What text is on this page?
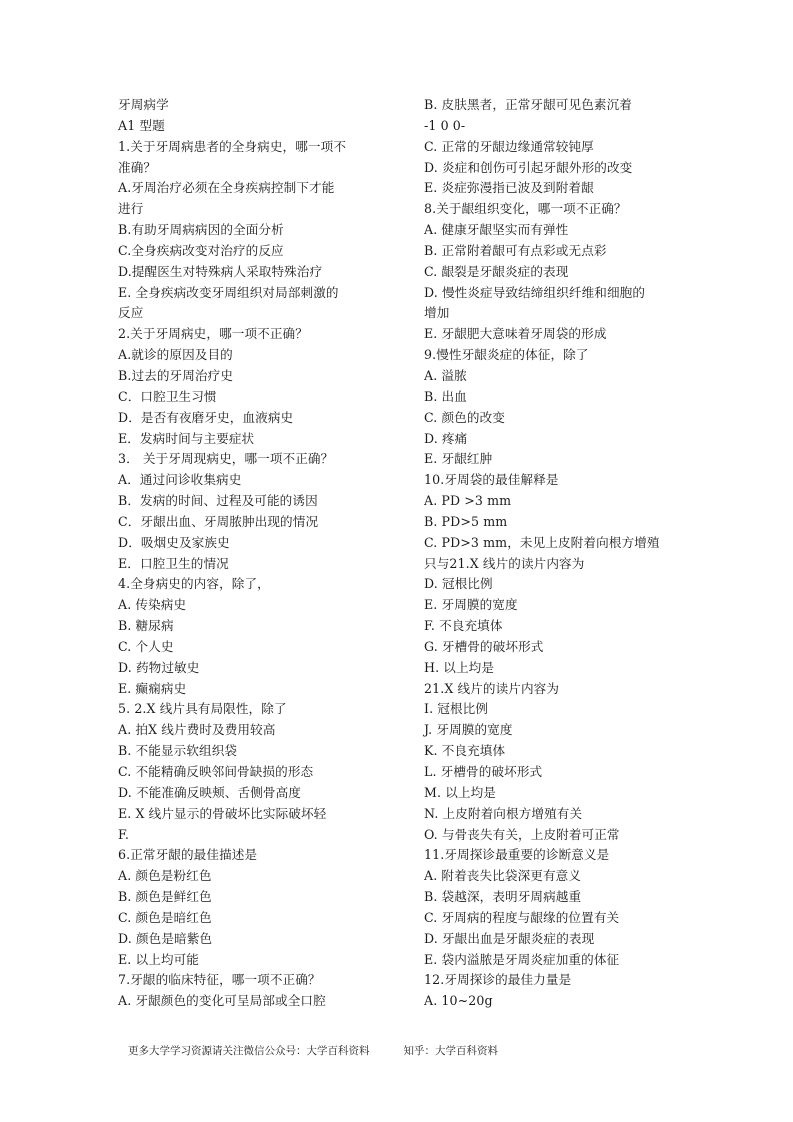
牙周病学
A1 型题
1.关于牙周病患者的全身病史，哪一项不
准确？
A.牙周治疗必须在全身疾病控制下才能
进行
B.有助牙周病病因的全面分析
C.全身疾病改变对治疗的反应
D.提醒医生对特殊病人采取特殊治疗
E. 全身疾病改变牙周组织对局部刺激的
反应
2.关于牙周病史，哪一项不正确？
A.就诊的原因及目的
B.过去的牙周治疗史
C．口腔卫生习惯
D．是否有夜磨牙史，血液病史
E．发病时间与主要症状
3． 关于牙周现病史，哪一项不正确？
A．通过问诊收集病史
B．发病的时间、过程及可能的诱因
C．牙龈出血、牙周脓肿出现的情况
D．吸烟史及家族史
E．口腔卫生的情况
4.全身病史的内容，除了，
A. 传染病史
B. 糖尿病
C. 个人史
D. 药物过敏史
E. 癫痫病史
5. 2.X 线片具有局限性，除了
A. 拍X 线片费时及费用较高
B. 不能显示软组织袋
C. 不能精确反映邻间骨缺损的形态
D. 不能准确反映颊、舌侧骨高度
E. X 线片显示的骨破坏比实际破坏轻
F.
6.正常牙龈的最佳描述是
A. 颜色是粉红色
B. 颜色是鲜红色
C. 颜色是暗红色
D. 颜色是暗紫色
E. 以上均可能
7.牙龈的临床特征，哪一项不正确？
A. 牙龈颜色的变化可呈局部或全口腔
B. 皮肤黑者，正常牙龈可见色素沉着
-1 0 0-
C. 正常的牙龈边缘通常较钝厚
D. 炎症和创伤可引起牙龈外形的改变
E. 炎症弥漫指已波及到附着龈
8.关于龈组织变化，哪一项不正确？
A. 健康牙龈坚实而有弹性
B. 正常附着龈可有点彩或无点彩
C. 龈裂是牙龈炎症的表现
D. 慢性炎症导致结缔组织纤维和细胞的
增加
E. 牙龈肥大意味着牙周袋的形成
9.慢性牙龈炎症的体征，除了
A. 溢脓
B. 出血
C. 颜色的改变
D. 疼痛
E. 牙龈红肿
10.牙周袋的最佳解释是
A. PD >3 mm
B. PD>5 mm
C. PD>3 mm，未见上皮附着向根方增殖
只与21.X 线片的读片内容为
D. 冠根比例
E. 牙周膜的宽度
F. 不良充填体
G. 牙槽骨的破坏形式
H. 以上均是
21.X 线片的读片内容为
I. 冠根比例
J. 牙周膜的宽度
K. 不良充填体
L. 牙槽骨的破坏形式
M. 以上均是
N. 上皮附着向根方增殖有关
O. 与骨丧失有关，上皮附着可正常
11.牙周探诊最重要的诊断意义是
A. 附着丧失比袋深更有意义
B. 袋越深，表明牙周病越重
C. 牙周病的程度与龈缘的位置有关
D. 牙龈出血是牙龈炎症的表现
E. 袋内溢脓是牙周炎症加重的体征
12.牙周探诊的最佳力量是
A. 10~20g
更多大学学习资源请关注微信公众号：大学百科资料	知乎：大学百科资料
